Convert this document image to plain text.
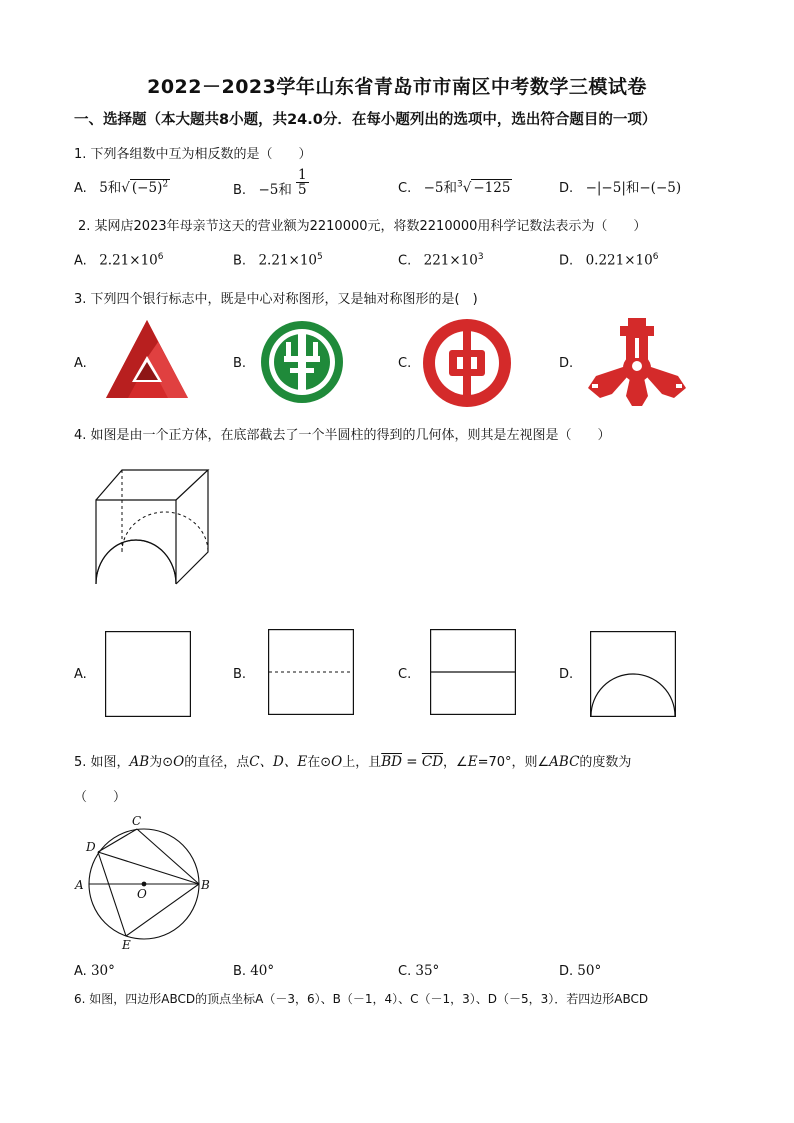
2022－2023学年山东省青岛市市南区中考数学三模试卷
一、选择题（本大题共8小题，共24.0分．在每小题列出的选项中，选出符合题目的一项）
1. 下列各组数中互为相反数的是（　　）
A. 5和√ $(-5)^2$	B. −5和 $\frac{1}{5}$	C. −5和$^3$√ −125	D. −|−5|和−(−5)
2. 某网店2023年母亲节这天的营业额为2210000元，将数2210000用科学记数法表示为（　　）
A. $2.21\times 10^6$	B. $2.21\times 10^5$	C. $221\times 10^3$	D. $0.221\times 10^6$
3. 下列四个银行标志中，既是中心对称图形，又是轴对称图形的是(　)
A.	B.	C.	D.
4. 如图是由一个正方体，在底部截去了一个半圆柱的得到的几何体，则其是左视图是（　　）
A.	B.	C.	D.
5. 如图，AB为⊙O的直径，点C、D、E在⊙O上，且$\overline{BD} = \overline{CD}$，∠E=70°，则∠ABC的度数为
（　　）
A	B
C
D
E
O
A. 30°	B. 40°	C. 35°	D. 50°
6. 如图，四边形ABCD的顶点坐标A（－3，6）、B（－1，4）、C（－1，3）、D（－5，3）．若四边形ABCD
